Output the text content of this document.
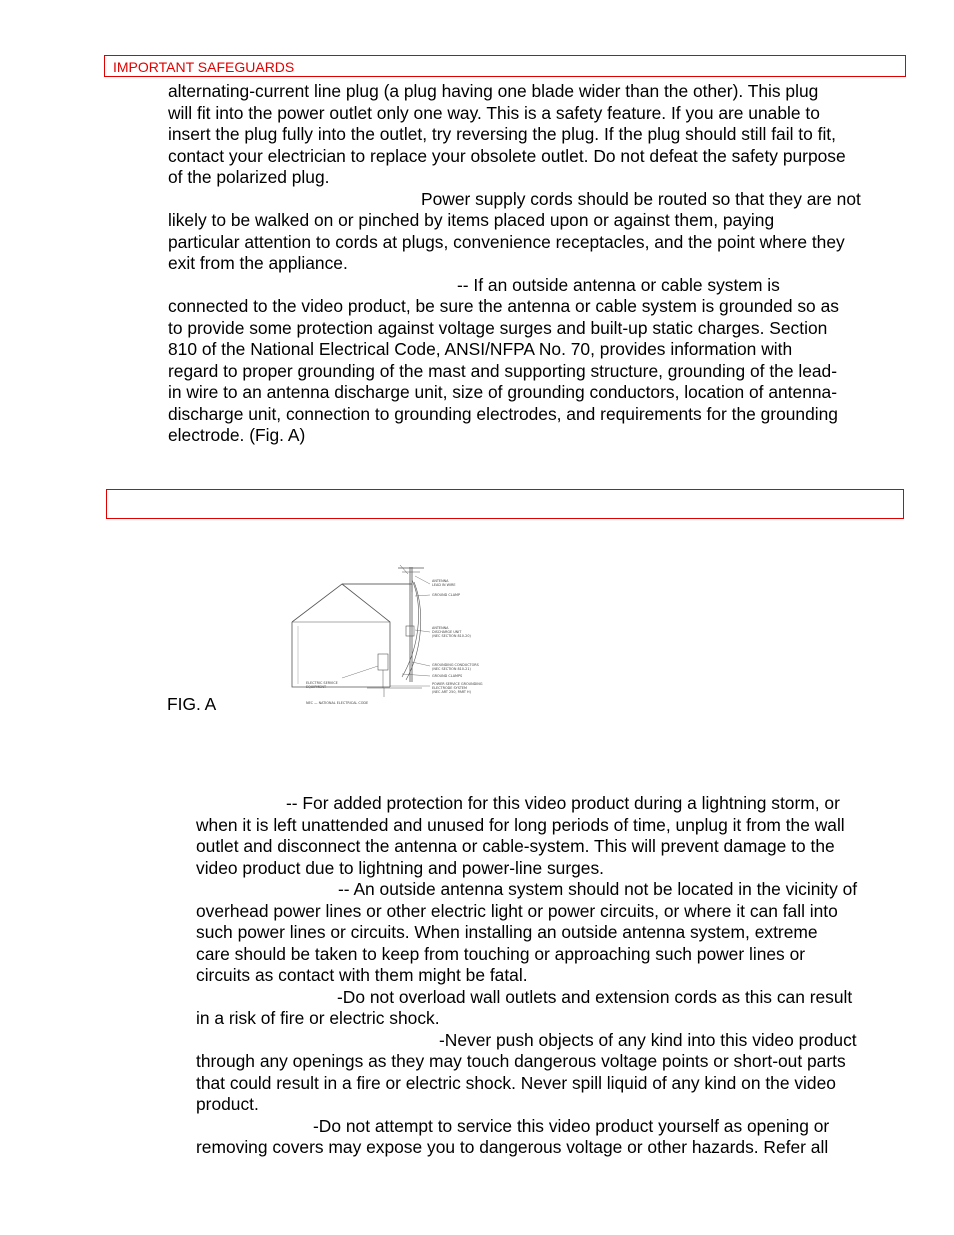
IMPORTANT SAFEGUARDS
alternating-current line plug (a plug having one blade wider than the other). This plug
will fit into the power outlet only one way. This is a safety feature. If you are unable to
insert the plug fully into the outlet, try reversing the plug. If the plug should still fail to fit,
contact your electrician to replace your obsolete outlet. Do not defeat the safety purpose
of the polarized plug.
Power supply cords should be routed so that they are not
likely to be walked on or pinched by items placed upon or against them, paying
particular attention to cords at plugs, convenience receptacles, and the point where they
exit from the appliance.
-- If an outside antenna or cable system is
connected to the video product, be sure the antenna or cable system is grounded so as
to provide some protection against voltage surges and built-up static charges. Section
810 of the National Electrical Code, ANSI/NFPA No. 70, provides information with
regard to proper grounding of the mast and supporting structure, grounding of the lead-
in wire to an antenna discharge unit, size of grounding conductors, location of antenna-
discharge unit, connection to grounding electrodes, and requirements for the grounding
electrode. (Fig. A)
FIG. A
ANTENNA
LEAD IN WIRE
GROUND CLAMP
ANTENNA
DISCHARGE UNIT
(NEC SECTION 810-20)
GROUNDING CONDUCTORS
(NEC SECTION 810-21)
GROUND CLAMPS
POWER SERVICE GROUNDING
ELECTRODE SYSTEM
(NEC ART 250, PART H)
ELECTRIC SERVICE
EQUIPMENT
NEC — NATIONAL ELECTRICAL CODE
-- For added protection for this video product during a lightning storm, or
when it is left unattended and unused for long periods of time, unplug it from the wall
outlet and disconnect the antenna or cable-system. This will prevent damage to the
video product due to lightning and power-line surges.
-- An outside antenna system should not be located in the vicinity of
overhead power lines or other electric light or power circuits, or where it can fall into
such power lines or circuits. When installing an outside antenna system, extreme
care should be taken to keep from touching or approaching such power lines or
circuits as contact with them might be fatal.
-Do not overload wall outlets and extension cords as this can result
in a risk of fire or electric shock.
-Never push objects of any kind into this video product
through any openings as they may touch dangerous voltage points or short-out parts
that could result in a fire or electric shock. Never spill liquid of any kind on the video
product.
-Do not attempt to service this video product yourself as opening or
removing covers may expose you to dangerous voltage or other hazards. Refer all
